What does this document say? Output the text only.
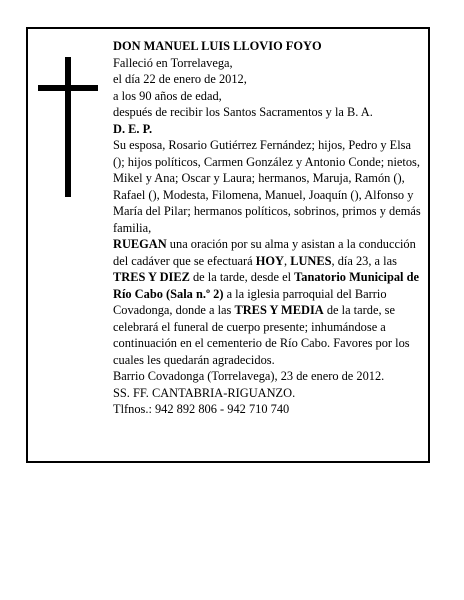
DON MANUEL LUIS LLOVIO FOYO
Falleció en Torrelavega,
el día 22 de enero de 2012,
a los 90 años de edad,
después de recibir los Santos Sacramentos y la B. A.
D. E. P.
Su esposa, Rosario Gutiérrez Fernández; hijos, Pedro y Elsa (); hijos políticos, Carmen González y Antonio Conde; nietos, Mikel y Ana; Oscar y Laura; hermanos, Maruja, Ramón (), Rafael (), Modesta, Filomena, Manuel, Joaquín (), Alfonso y María del Pilar; hermanos políticos, sobrinos, primos y demás familia,
RUEGAN una oración por su alma y asistan a la conducción del cadáver que se efectuará HOY, LUNES, día 23, a las TRES Y DIEZ de la tarde, desde el Tanatorio Municipal de Río Cabo (Sala n.º 2) a la iglesia parroquial del Barrio Covadonga, donde a las TRES Y MEDIA de la tarde, se celebrará el funeral de cuerpo presente; inhumándose a continuación en el cementerio de Río Cabo. Favores por los cuales les quedarán agradecidos.
Barrio Covadonga (Torrelavega), 23 de enero de 2012.
SS. FF. CANTABRIA-RIGUANZO.
Tlfnos.: 942 892 806 - 942 710 740
